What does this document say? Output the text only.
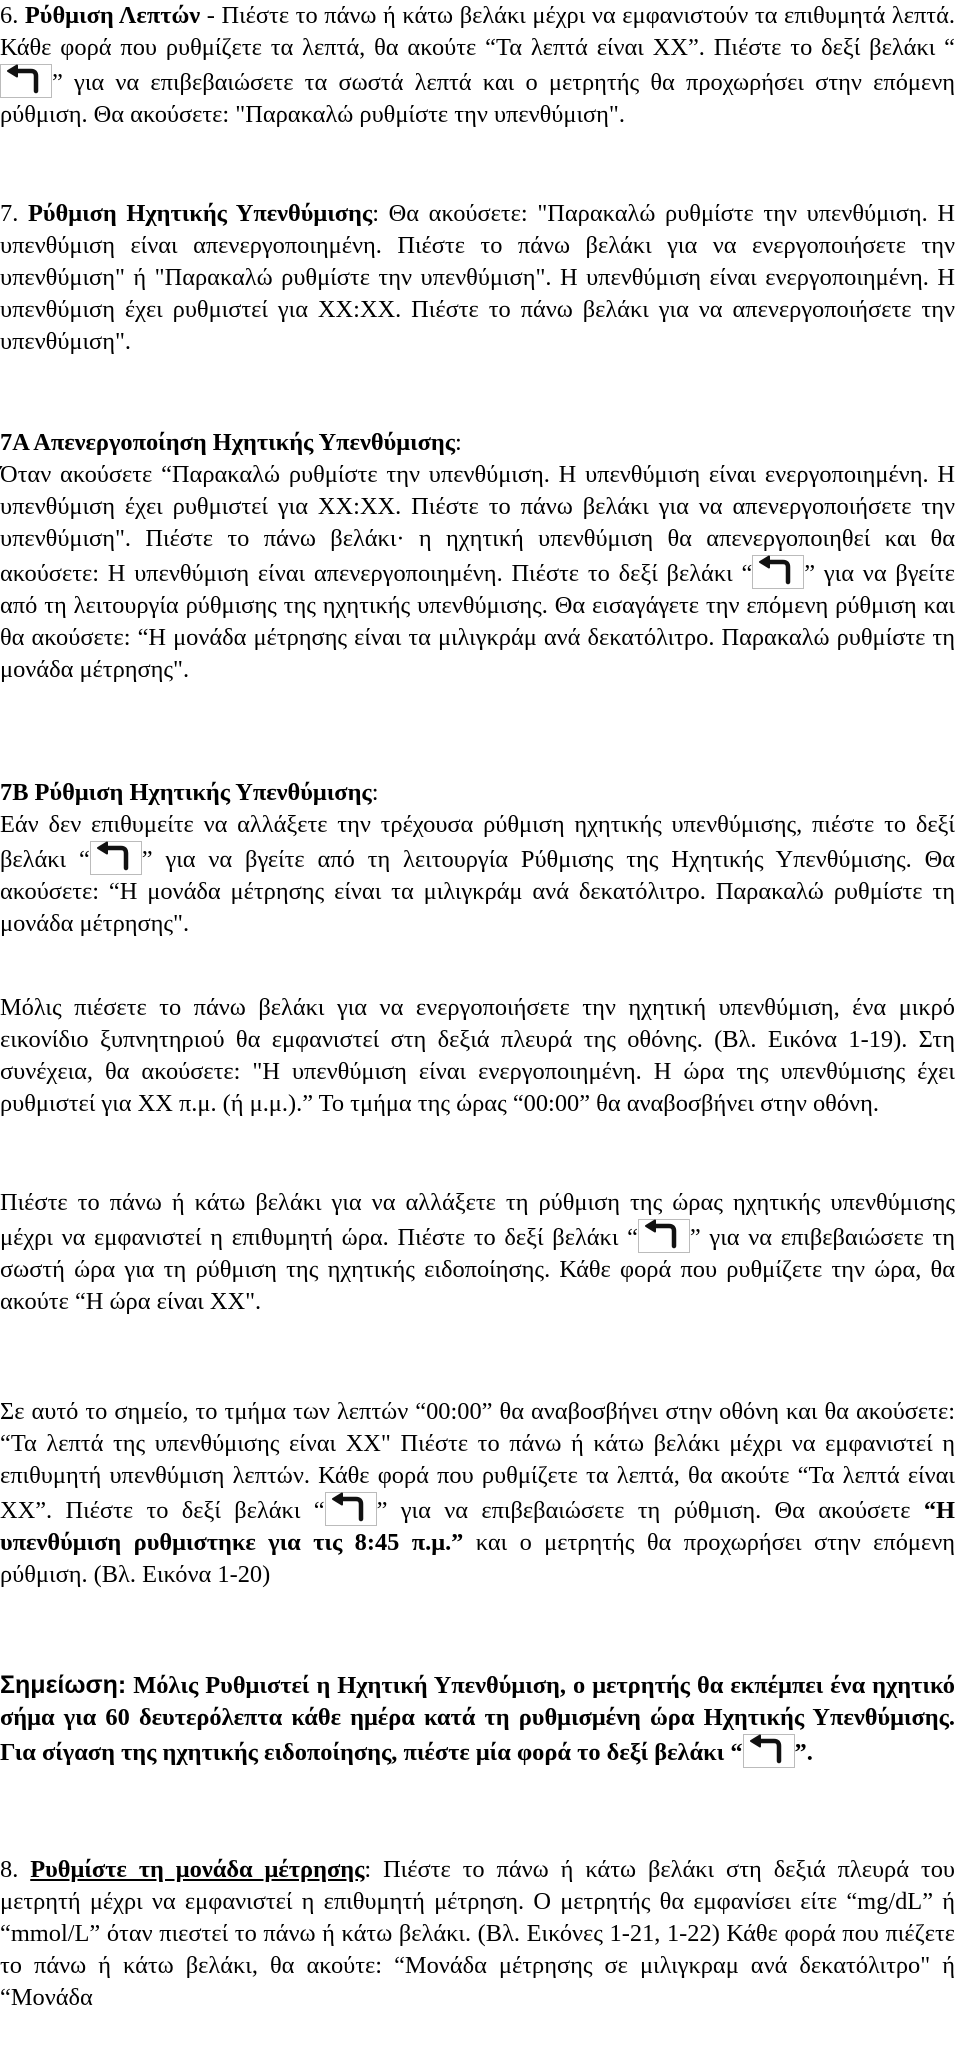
6. Ρύθμιση Λεπτών - Πιέστε το πάνω ή κάτω βελάκι μέχρι να εμφανιστούν τα επιθυμητά λεπτά. Κάθε φορά που ρυθμίζετε τα λεπτά, θα ακούτε “Τα λεπτά είναι ΧΧ”. Πιέστε το δεξί βελάκι “” για να επιβεβαιώσετε τα σωστά λεπτά και ο μετρητής θα προχωρήσει στην επόμενη ρύθμιση. Θα ακούσετε: "Παρακαλώ ρυθμίστε την υπενθύμιση".

7. Ρύθμιση Ηχητικής Υπενθύμισης: Θα ακούσετε: "Παρακαλώ ρυθμίστε την υπενθύμιση. Η υπενθύμιση είναι απενεργοποιημένη. Πιέστε το πάνω βελάκι για να ενεργοποιήσετε την υπενθύμιση" ή "Παρακαλώ ρυθμίστε την υπενθύμιση". Η υπενθύμιση είναι ενεργοποιημένη. Η υπενθύμιση έχει ρυθμιστεί για ΧΧ:ΧΧ. Πιέστε το πάνω βελάκι για να απενεργοποιήσετε την υπενθύμιση".

7Α Απενεργοποίηση Ηχητικής Υπενθύμισης:

Όταν ακούσετε “Παρακαλώ ρυθμίστε την υπενθύμιση. Η υπενθύμιση είναι ενεργοποιημένη. Η υπενθύμιση έχει ρυθμιστεί για ΧΧ:ΧΧ. Πιέστε το πάνω βελάκι για να απενεργοποιήσετε την υπενθύμιση". Πιέστε το πάνω βελάκι· η ηχητική υπενθύμιση θα απενεργοποιηθεί και θα ακούσετε: Η υπενθύμιση είναι απενεργοποιημένη. Πιέστε το δεξί βελάκι “ ” για να βγείτε από τη λειτουργία ρύθμισης της ηχητικής υπενθύμισης. Θα εισαγάγετε την επόμενη ρύθμιση και θα ακούσετε: “Η μονάδα μέτρησης είναι τα μιλιγκράμ ανά δεκατόλιτρο. Παρακαλώ ρυθμίστε τη μονάδα μέτρησης".

7Β Ρύθμιση Ηχητικής Υπενθύμισης:

Εάν δεν επιθυμείτε να αλλάξετε την τρέχουσα ρύθμιση ηχητικής υπενθύμισης, πιέστε το δεξί βελάκι “ ” για να βγείτε από τη λειτουργία Ρύθμισης της Ηχητικής Υπενθύμισης. Θα ακούσετε: “Η μονάδα μέτρησης είναι τα μιλιγκράμ ανά δεκατόλιτρο. Παρακαλώ ρυθμίστε τη μονάδα μέτρησης".

Μόλις πιέσετε το πάνω βελάκι για να ενεργοποιήσετε την ηχητική υπενθύμιση, ένα μικρό εικονίδιο ξυπνητηριού θα εμφανιστεί στη δεξιά πλευρά της οθόνης. (Βλ. Εικόνα 1-19). Στη συνέχεια, θα ακούσετε: "Η υπενθύμιση είναι ενεργοποιημένη. Η ώρα της υπενθύμισης έχει ρυθμιστεί για ΧΧ π.μ. (ή μ.μ.).” Το τμήμα της ώρας “00:00” θα αναβοσβήνει στην οθόνη.

Πιέστε το πάνω ή κάτω βελάκι για να αλλάξετε τη ρύθμιση της ώρας ηχητικής υπενθύμισης μέχρι να εμφανιστεί η επιθυμητή ώρα. Πιέστε το δεξί βελάκι “ ” για να επιβεβαιώσετε τη σωστή ώρα για τη ρύθμιση της ηχητικής ειδοποίησης. Κάθε φορά που ρυθμίζετε την ώρα, θα ακούτε “Η ώρα είναι ΧΧ".

Σε αυτό το σημείο, το τμήμα των λεπτών “00:00” θα αναβοσβήνει στην οθόνη και θα ακούσετε: “Τα λεπτά της υπενθύμισης είναι ΧΧ" Πιέστε το πάνω ή κάτω βελάκι μέχρι να εμφανιστεί η επιθυμητή υπενθύμιση λεπτών. Κάθε φορά που ρυθμίζετε τα λεπτά, θα ακούτε “Τα λεπτά είναι ΧΧ”. Πιέστε το δεξί βελάκι “ ” για να επιβεβαιώσετε τη ρύθμιση. Θα ακούσετε “Η υπενθύμιση ρυθμιστηκε για τις 8:45 π.μ.” και ο μετρητής θα προχωρήσει στην επόμενη ρύθμιση. (Βλ. Εικόνα 1-20)

Σημείωση: Μόλις Ρυθμιστεί η Ηχητική Υπενθύμιση, ο μετρητής θα εκπέμπει ένα ηχητικό σήμα για 60 δευτερόλεπτα κάθε ημέρα κατά τη ρυθμισμένη ώρα Ηχητικής Υπενθύμισης. Για σίγαση της ηχητικής ειδοποίησης, πιέστε μία φορά το δεξί βελάκι “ ”.

8. Ρυθμίστε τη μονάδα μέτρησης: Πιέστε το πάνω ή κάτω βελάκι στη δεξιά πλευρά του μετρητή μέχρι να εμφανιστεί η επιθυμητή μέτρηση. Ο μετρητής θα εμφανίσει είτε “mg/dL” ή “mmol/L” όταν πιεστεί το πάνω ή κάτω βελάκι. (Βλ. Εικόνες 1-21, 1-22) Κάθε φορά που πιέζετε το πάνω ή κάτω βελάκι, θα ακούτε: “Μονάδα μέτρησης σε μιλιγκραμ ανά δεκατόλιτρο" ή “Μονάδα
